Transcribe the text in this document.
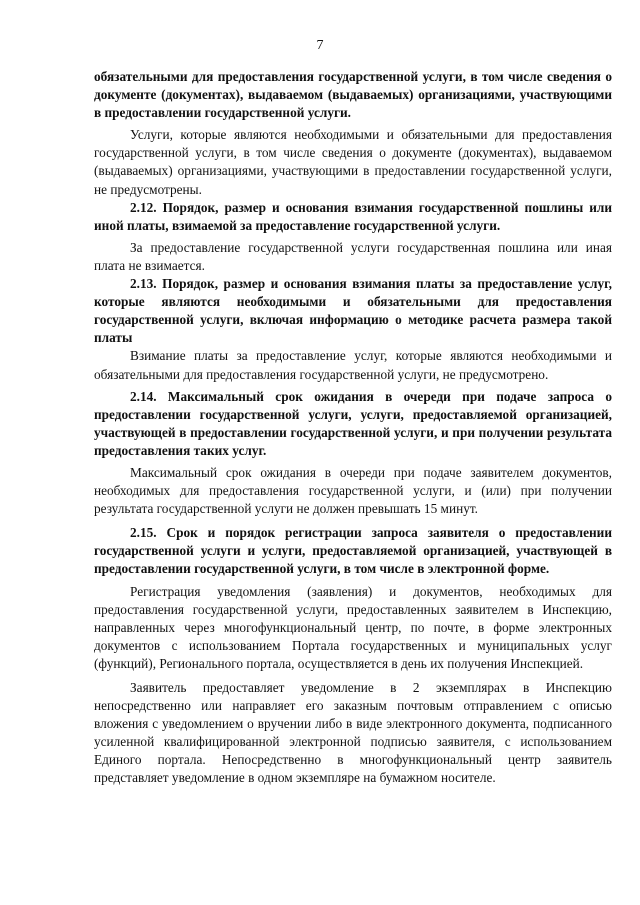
7

обязательными для предоставления государственной услуги, в том числе сведения о документе (документах), выдаваемом (выдаваемых) организациями, участвующими в предоставлении государственной услуги.

Услуги, которые являются необходимыми и обязательными для предоставления государственной услуги, в том числе сведения о документе (документах), выдаваемом (выдаваемых) организациями, участвующими в предоставлении государственной услуги, не предусмотрены.

2.12. Порядок, размер и основания взимания государственной пошлины или иной платы, взимаемой за предоставление государственной услуги.

За предоставление государственной услуги государственная пошлина или иная плата не взимается.

2.13. Порядок, размер и основания взимания платы за предоставление услуг, которые являются необходимыми и обязательными для предоставления государственной услуги, включая информацию о методике расчета размера такой платы

Взимание платы за предоставление услуг, которые являются необходимыми и обязательными для предоставления государственной услуги, не предусмотрено.

2.14. Максимальный срок ожидания в очереди при подаче запроса о предоставлении государственной услуги, услуги, предоставляемой организацией, участвующей в предоставлении государственной услуги, и при получении результата предоставления таких услуг.

Максимальный срок ожидания в очереди при подаче заявителем документов, необходимых для предоставления государственной услуги, и (или) при получении результата государственной услуги не должен превышать 15 минут.

2.15. Срок и порядок регистрации запроса заявителя о предоставлении государственной услуги и услуги, предоставляемой организацией, участвующей в предоставлении государственной услуги, в том числе в электронной форме.

Регистрация уведомления (заявления) и документов, необходимых для предоставления государственной услуги, предоставленных заявителем в Инспекцию, направленных через многофункциональный центр, по почте, в форме электронных документов с использованием Портала государственных и муниципальных услуг (функций), Регионального портала, осуществляется в день их получения Инспекцией.

Заявитель предоставляет уведомление в 2 экземплярах в Инспекцию непосредственно или направляет его заказным почтовым отправлением с описью вложения с уведомлением о вручении либо в виде электронного документа, подписанного усиленной квалифицированной электронной подписью заявителя, с использованием Единого портала. Непосредственно в многофункциональный центр заявитель представляет уведомление в одном экземпляре на бумажном носителе.
